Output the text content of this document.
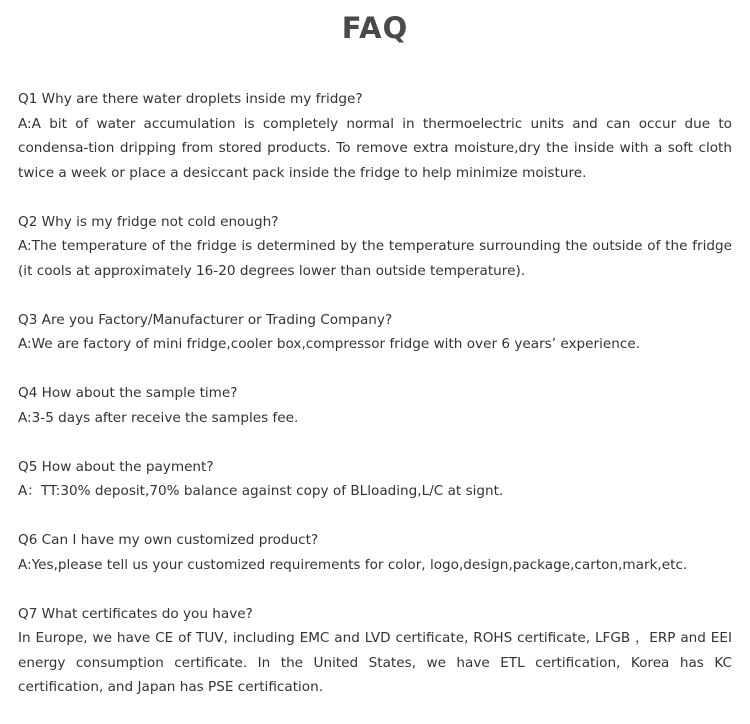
FAQ

Q1 Why are there water droplets inside my fridge?

A:A bit of water accumulation is completely normal in thermoelectric units and can occur due to condensa-tion dripping from stored products. To remove extra moisture,dry the inside with a soft cloth twice a week or place a desiccant pack inside the fridge to help minimize moisture.

Q2 Why is my fridge not cold enough?

A:The temperature of the fridge is determined by the temperature surrounding the outside of the fridge (it cools at approximately 16-20 degrees lower than outside temperature).

Q3 Are you Factory/Manufacturer or Trading Company?

A:We are factory of mini fridge,cooler box,compressor fridge with over 6 years’ experience.

Q4 How about the sample time?

A:3-5 days after receive the samples fee.

Q5 How about the payment?

A：TT:30% deposit,70% balance against copy of BLloading,L/C at signt.

Q6 Can I have my own customized product?

A:Yes,please tell us your customized requirements for color, logo,design,package,carton,mark,etc.

Q7 What certificates do you have?

In Europe, we have CE of TUV, including EMC and LVD certificate, ROHS certificate, LFGB ，ERP and EEI energy consumption certificate. In the United States, we have ETL certification, Korea has KC certification, and Japan has PSE certification.
